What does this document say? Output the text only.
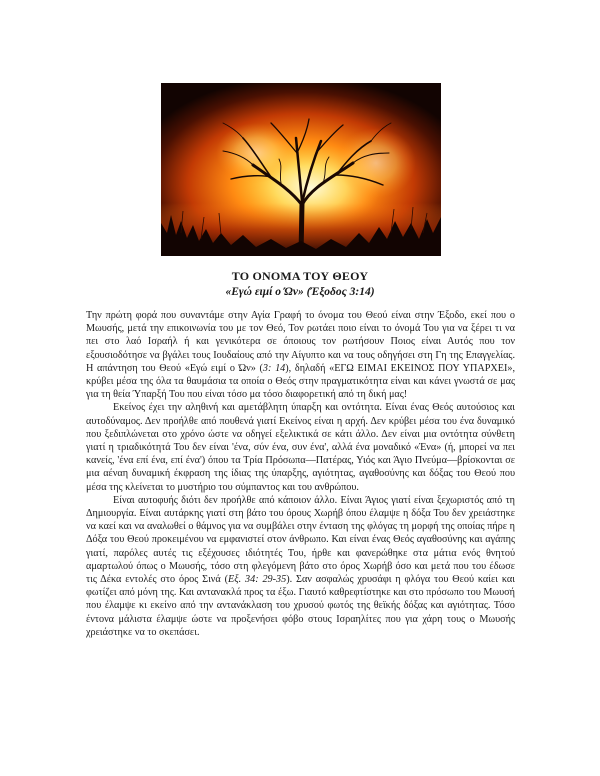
ΤΟ ΟΝΟΜΑ ΤΟΥ ΘΕΟΥ
«Εγώ ειμί ο Ών» (Έξοδος 3:14)

Την πρώτη φορά που συναντάμε στην Αγία Γραφή το όνομα του Θεού είναι στην Έξοδο, εκεί που ο Μωυσής, μετά την επικοινωνία του με τον Θεό, Τον ρωτάει ποιο είναι το όνομά Του για να ξέρει τι να πει στο λαό Ισραήλ ή και γενικότερα σε όποιους τον ρωτήσουν Ποιος είναι Αυτός που τον εξουσιοδότησε να βγάλει τους Ιουδαίους από την Αίγυπτο και να τους οδηγήσει στη Γη της Επαγγελίας. Η απάντηση του Θεού «Εγώ ειμί ο Ών» (3: 14), δηλαδή «ΕΓΩ ΕΙΜΑΙ ΕΚΕΙΝΟΣ ΠΟΥ ΥΠΑΡΧΕΙ», κρύβει μέσα της όλα τα θαυμάσια τα οποία ο Θεός στην πραγματικότητα είναι και κάνει γνωστά σε μας για τη θεία Ύπαρξή Του που είναι τόσο μα τόσο διαφορετική από τη δική μας!

Εκείνος έχει την αληθινή και αμετάβλητη ύπαρξη και οντότητα. Είναι ένας Θεός αυτούσιος και αυτοδύναμος. Δεν προήλθε από πουθενά γιατί Εκείνος είναι η αρχή. Δεν κρύβει μέσα του ένα δυναμικό που ξεδιπλώνεται στο χρόνο ώστε να οδηγεί εξελικτικά σε κάτι άλλο. Δεν είναι μια οντότητα σύνθετη γιατί η τριαδικότητά Του δεν είναι 'ένα, σύν ένα, συν ένα', αλλά ένα μοναδικό «Ένα» (ή, μπορεί να πει κανείς, 'ένα επί ένα, επί ένα') όπου τα Τρία Πρόσωπα—Πατέρας, Υιός και Άγιο Πνεύμα—βρίσκονται σε μια αέναη δυναμική έκφραση της ίδιας της ύπαρξης, αγιότητας, αγαθοσύνης και δόξας του Θεού που μέσα της κλείνεται το μυστήριο του σύμπαντος και του ανθρώπου.

Είναι αυτοφυής διότι δεν προήλθε από κάποιον άλλο. Είναι Άγιος γιατί είναι ξεχωριστός από τη Δημιουργία. Είναι αυτάρκης γιατί στη βάτο του όρους Χωρήβ όπου έλαμψε η δόξα Του δεν χρειάστηκε να καεί και να αναλωθεί ο θάμνος για να συμβάλει στην ένταση της φλόγας τη μορφή της οποίας πήρε η Δόξα του Θεού προκειμένου να εμφανιστεί στον άνθρωπο. Και είναι ένας Θεός αγαθοσύνης και αγάπης γιατί, παρόλες αυτές τις εξέχουσες ιδιότητές Του, ήρθε και φανερώθηκε στα μάτια ενός θνητού αμαρτωλού όπως ο Μωυσής, τόσο στη φλεγόμενη βάτο στο όρος Χωρήβ όσο και μετά που του έδωσε τις Δέκα εντολές στο όρος Σινά (Εξ. 34: 29-35). Σαν ασφαλώς χρυσάφι η φλόγα του Θεού καίει και φωτίζει από μόνη της. Και αντανακλά προς τα έξω. Γιαυτό καθρεφτίστηκε και στο πρόσωπο του Μωυσή που έλαμψε κι εκείνο από την αντανάκλαση του χρυσού φωτός της θεϊκής δόξας και αγιότητας. Τόσο έντονα μάλιστα έλαμψε ώστε να προξενήσει φόβο στους Ισραηλίτες που για χάρη τους ο Μωυσής χρειάστηκε να το σκεπάσει.
